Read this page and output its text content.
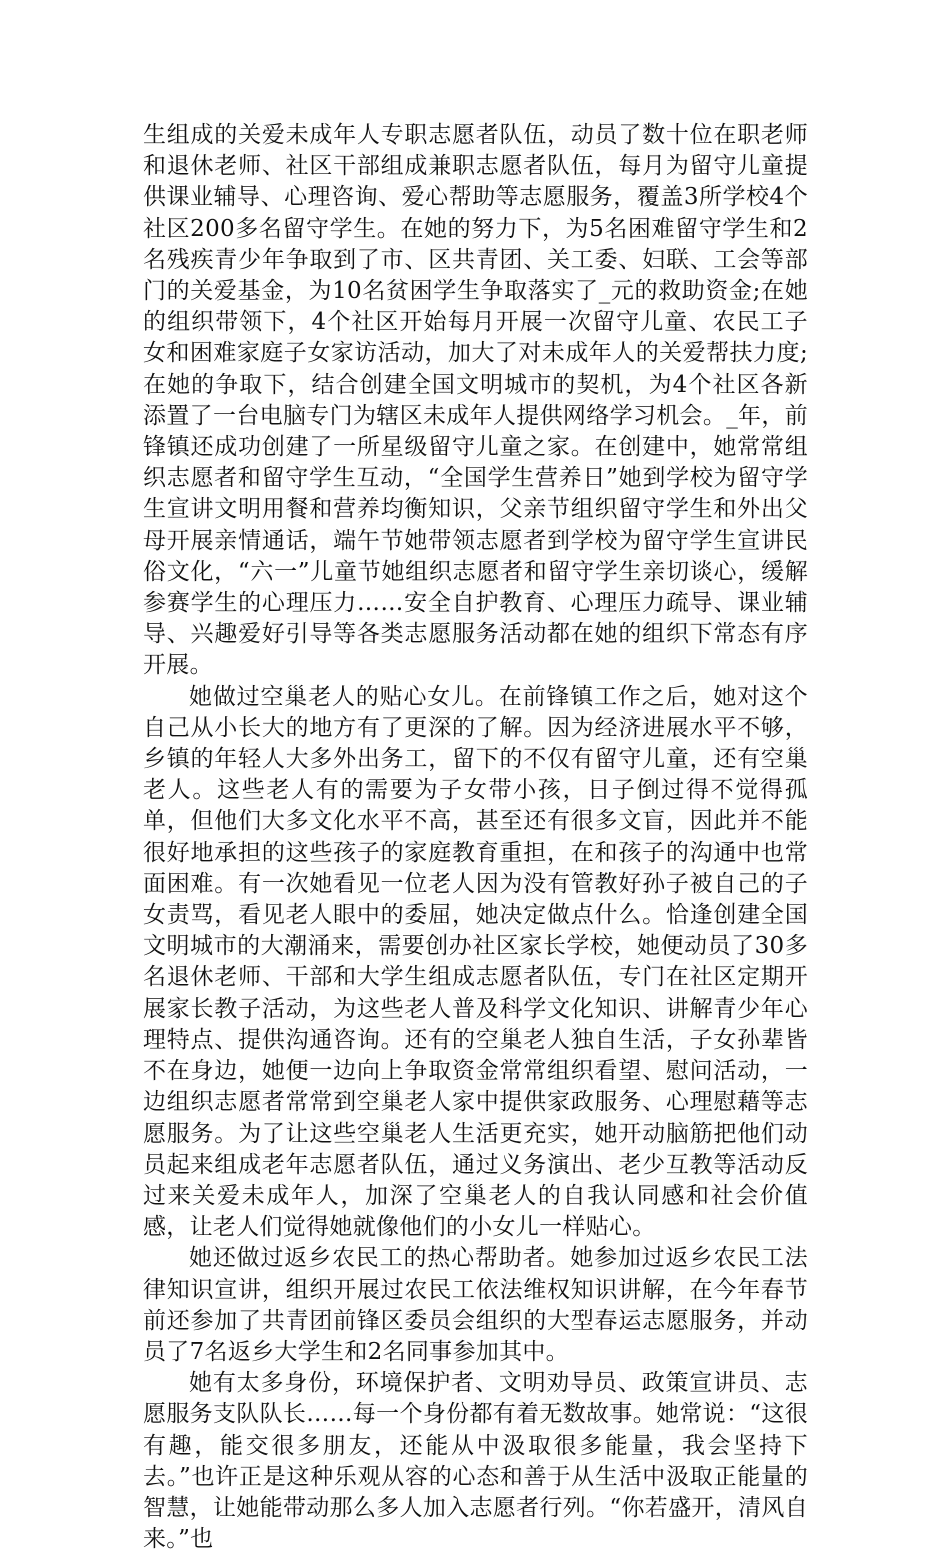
生组成的关爱未成年人专职志愿者队伍，动员了数十位在职老师和退休老师、社区干部组成兼职志愿者队伍，每月为留守儿童提供课业辅导、心理咨询、爱心帮助等志愿服务，覆盖3所学校4个社区200多名留守学生。在她的努力下，为5名困难留守学生和2名残疾青少年争取到了市、区共青团、关工委、妇联、工会等部门的关爱基金，为10名贫困学生争取落实了_元的救助资金;在她的组织带领下，4个社区开始每月开展一次留守儿童、农民工子女和困难家庭子女家访活动，加大了对未成年人的关爱帮扶力度;在她的争取下，结合创建全国文明城市的契机，为4个社区各新添置了一台电脑专门为辖区未成年人提供网络学习机会。_年，前锋镇还成功创建了一所星级留守儿童之家。在创建中，她常常组织志愿者和留守学生互动，“全国学生营养日”她到学校为留守学生宣讲文明用餐和营养均衡知识，父亲节组织留守学生和外出父母开展亲情通话，端午节她带领志愿者到学校为留守学生宣讲民俗文化，“六一”儿童节她组织志愿者和留守学生亲切谈心，缓解参赛学生的心理压力……安全自护教育、心理压力疏导、课业辅导、兴趣爱好引导等各类志愿服务活动都在她的组织下常态有序开展。

她做过空巢老人的贴心女儿。在前锋镇工作之后，她对这个自己从小长大的地方有了更深的了解。因为经济进展水平不够，乡镇的年轻人大多外出务工，留下的不仅有留守儿童，还有空巢老人。这些老人有的需要为子女带小孩，日子倒过得不觉得孤单，但他们大多文化水平不高，甚至还有很多文盲，因此并不能很好地承担的这些孩子的家庭教育重担，在和孩子的沟通中也常面困难。有一次她看见一位老人因为没有管教好孙子被自己的子女责骂，看见老人眼中的委屈，她决定做点什么。恰逢创建全国文明城市的大潮涌来，需要创办社区家长学校，她便动员了30多名退休老师、干部和大学生组成志愿者队伍，专门在社区定期开展家长教子活动，为这些老人普及科学文化知识、讲解青少年心理特点、提供沟通咨询。还有的空巢老人独自生活，子女孙辈皆不在身边，她便一边向上争取资金常常组织看望、慰问活动，一边组织志愿者常常到空巢老人家中提供家政服务、心理慰藉等志愿服务。为了让这些空巢老人生活更充实，她开动脑筋把他们动员起来组成老年志愿者队伍，通过义务演出、老少互教等活动反过来关爱未成年人，加深了空巢老人的自我认同感和社会价值感，让老人们觉得她就像他们的小女儿一样贴心。

她还做过返乡农民工的热心帮助者。她参加过返乡农民工法律知识宣讲，组织开展过农民工依法维权知识讲解，在今年春节前还参加了共青团前锋区委员会组织的大型春运志愿服务，并动员了7名返乡大学生和2名同事参加其中。

她有太多身份，环境保护者、文明劝导员、政策宣讲员、志愿服务支队队长……每一个身份都有着无数故事。她常说：“这很有趣，能交很多朋友，还能从中汲取很多能量，我会坚持下去。”也许正是这种乐观从容的心态和善于从生活中汲取正能量的智慧，让她能带动那么多人加入志愿者行列。“你若盛开，清风自来。”也
